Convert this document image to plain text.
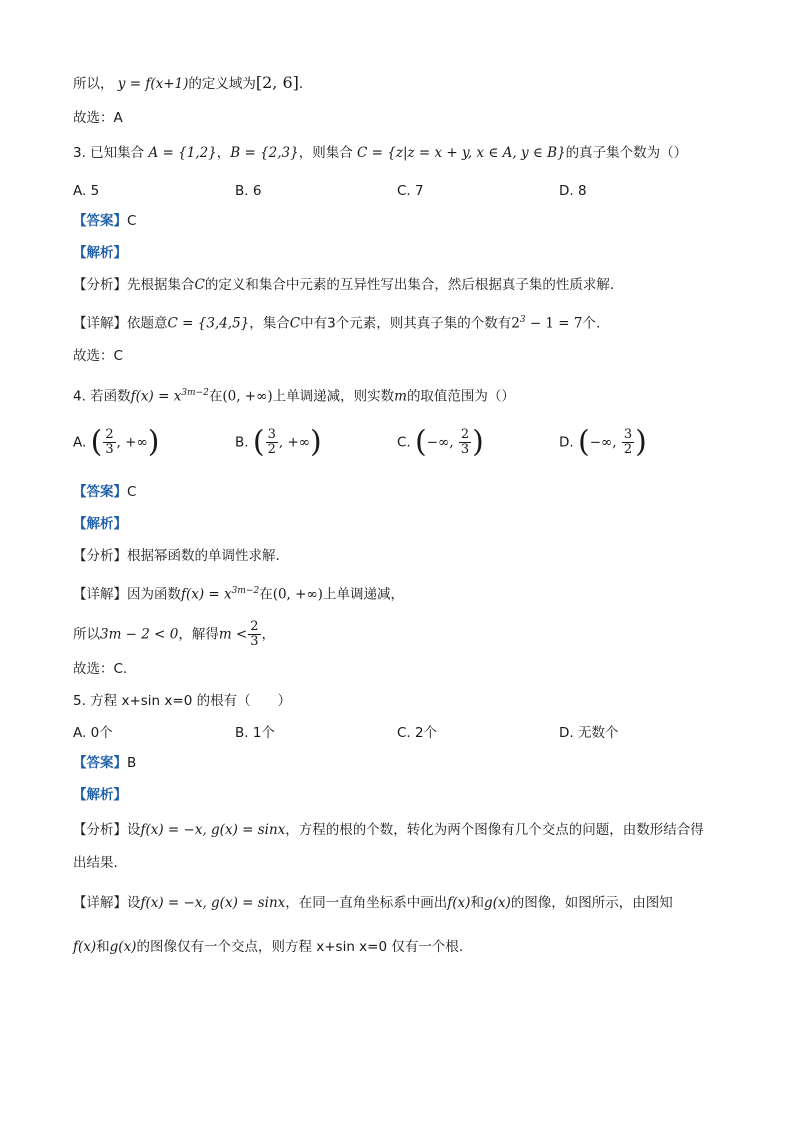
所以， y = f(x+1)的定义域为[2, 6].
故选：A
3. 已知集合 A = {1,2}，B = {2,3}，则集合 C = {z|z = x + y, x ∈ A, y ∈ B}的真子集个数为（）
A. 5	B. 6	C. 7	D. 8
【答案】C
【解析】
【分析】先根据集合C的定义和集合中元素的互异性写出集合，然后根据真子集的性质求解.
【详解】依题意C = {3,4,5}，集合C中有3个元素，则其真子集的个数有$2^3 - 1 = 7$个.
故选：C
4. 若函数$f(x) = x^{3m-2}$在(0, +∞)上单调递减，则实数m的取值范围为（）
A. ( $\frac{2}{3}$ , +∞)	B. ( $\frac{3}{2}$ , +∞)	C. (−∞, $\frac{2}{3}$ )	D. (−∞, $\frac{3}{2}$ )
【答案】C
【解析】
【分析】根据幂函数的单调性求解.
【详解】因为函数$f(x) = x^{3m-2}$在(0, +∞)上单调递减，
所以3m − 2 < 0，解得$m < \frac{2}{3}$ ，
故选：C.
5. 方程 x+sin x=0 的根有（　　）
A. 0个	B. 1个	C. 2个	D. 无数个
【答案】B
【解析】
【分析】设f(x) = −x, g(x) = sinx，方程的根的个数，转化为两个图像有几个交点的问题，由数形结合得
出结果.
【详解】设f(x) = −x, g(x) = sinx，在同一直角坐标系中画出f(x)和g(x)的图像，如图所示，由图知
f(x)和g(x)的图像仅有一个交点，则方程 x+sin x=0 仅有一个根.
